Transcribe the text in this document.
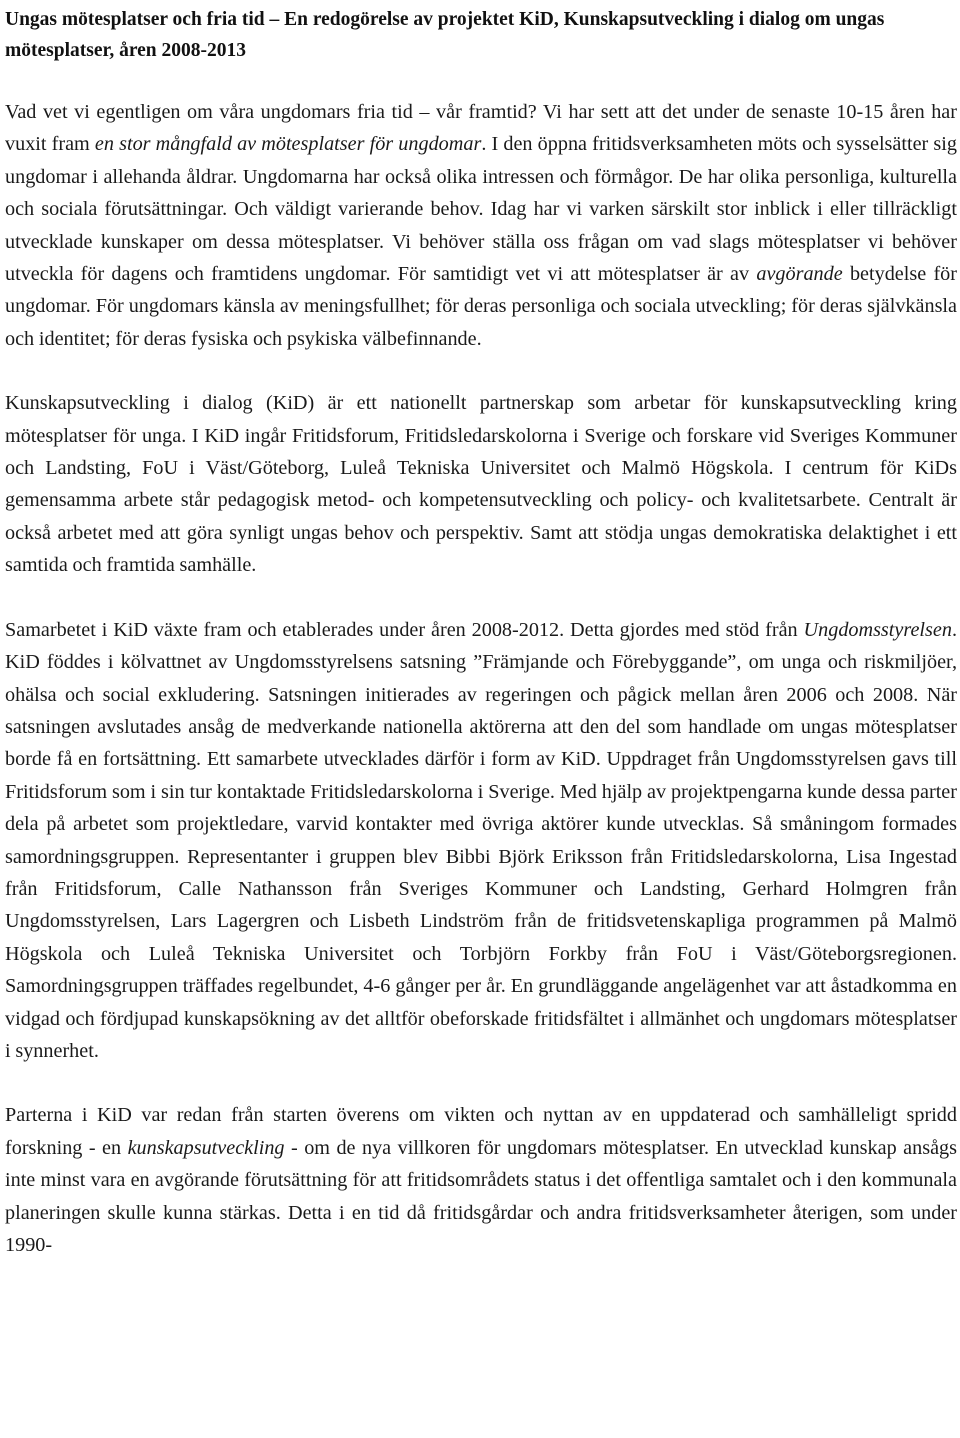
Ungas mötesplatser och fria tid – En redogörelse av projektet KiD, Kunskapsutveckling i dialog om ungas mötesplatser, åren 2008-2013

Vad vet vi egentligen om våra ungdomars fria tid – vår framtid? Vi har sett att det under de senaste 10-15 åren har vuxit fram en stor mångfald av mötesplatser för ungdomar. I den öppna fritidsverksamheten möts och sysselsätter sig ungdomar i allehanda åldrar. Ungdomarna har också olika intressen och förmågor. De har olika personliga, kulturella och sociala förutsättningar. Och väldigt varierande behov. Idag har vi varken särskilt stor inblick i eller tillräckligt utvecklade kunskaper om dessa mötesplatser. Vi behöver ställa oss frågan om vad slags mötesplatser vi behöver utveckla för dagens och framtidens ungdomar. För samtidigt vet vi att mötesplatser är av avgörande betydelse för ungdomar. För ungdomars känsla av meningsfullhet; för deras personliga och sociala utveckling; för deras självkänsla och identitet; för deras fysiska och psykiska välbefinnande.

Kunskapsutveckling i dialog (KiD) är ett nationellt partnerskap som arbetar för kunskapsutveckling kring mötesplatser för unga. I KiD ingår Fritidsforum, Fritidsledarskolorna i Sverige och forskare vid Sveriges Kommuner och Landsting, FoU i Väst/Göteborg, Luleå Tekniska Universitet och Malmö Högskola. I centrum för KiDs gemensamma arbete står pedagogisk metod- och kompetensutveckling och policy- och kvalitetsarbete. Centralt är också arbetet med att göra synligt ungas behov och perspektiv. Samt att stödja ungas demokratiska delaktighet i ett samtida och framtida samhälle.

Samarbetet i KiD växte fram och etablerades under åren 2008-2012. Detta gjordes med stöd från Ungdomsstyrelsen. KiD föddes i kölvattnet av Ungdomsstyrelsens satsning ”Främjande och Förebyggande”, om unga och riskmiljöer, ohälsa och social exkludering. Satsningen initierades av regeringen och pågick mellan åren 2006 och 2008. När satsningen avslutades ansåg de medverkande nationella aktörerna att den del som handlade om ungas mötesplatser borde få en fortsättning. Ett samarbete utvecklades därför i form av KiD. Uppdraget från Ungdomsstyrelsen gavs till Fritidsforum som i sin tur kontaktade Fritidsledarskolorna i Sverige. Med hjälp av projektpengarna kunde dessa parter dela på arbetet som projektledare, varvid kontakter med övriga aktörer kunde utvecklas. Så småningom formades samordningsgruppen. Representanter i gruppen blev Bibbi Björk Eriksson från Fritidsledarskolorna, Lisa Ingestad från Fritidsforum, Calle Nathansson från Sveriges Kommuner och Landsting, Gerhard Holmgren från Ungdomsstyrelsen, Lars Lagergren och Lisbeth Lindström från de fritidsvetenskapliga programmen på Malmö Högskola och Luleå Tekniska Universitet och Torbjörn Forkby från FoU i Väst/Göteborgsregionen. Samordningsgruppen träffades regelbundet, 4-6 gånger per år. En grundläggande angelägenhet var att åstadkomma en vidgad och fördjupad kunskapsökning av det alltför obeforskade fritidsfältet i allmänhet och ungdomars mötesplatser i synnerhet.

Parterna i KiD var redan från starten överens om vikten och nyttan av en uppdaterad och samhälleligt spridd forskning - en kunskapsutveckling - om de nya villkoren för ungdomars mötesplatser. En utvecklad kunskap ansågs inte minst vara en avgörande förutsättning för att fritidsområdets status i det offentliga samtalet och i den kommunala planeringen skulle kunna stärkas. Detta i en tid då fritidsgårdar och andra fritidsverksamheter återigen, som under 1990-
